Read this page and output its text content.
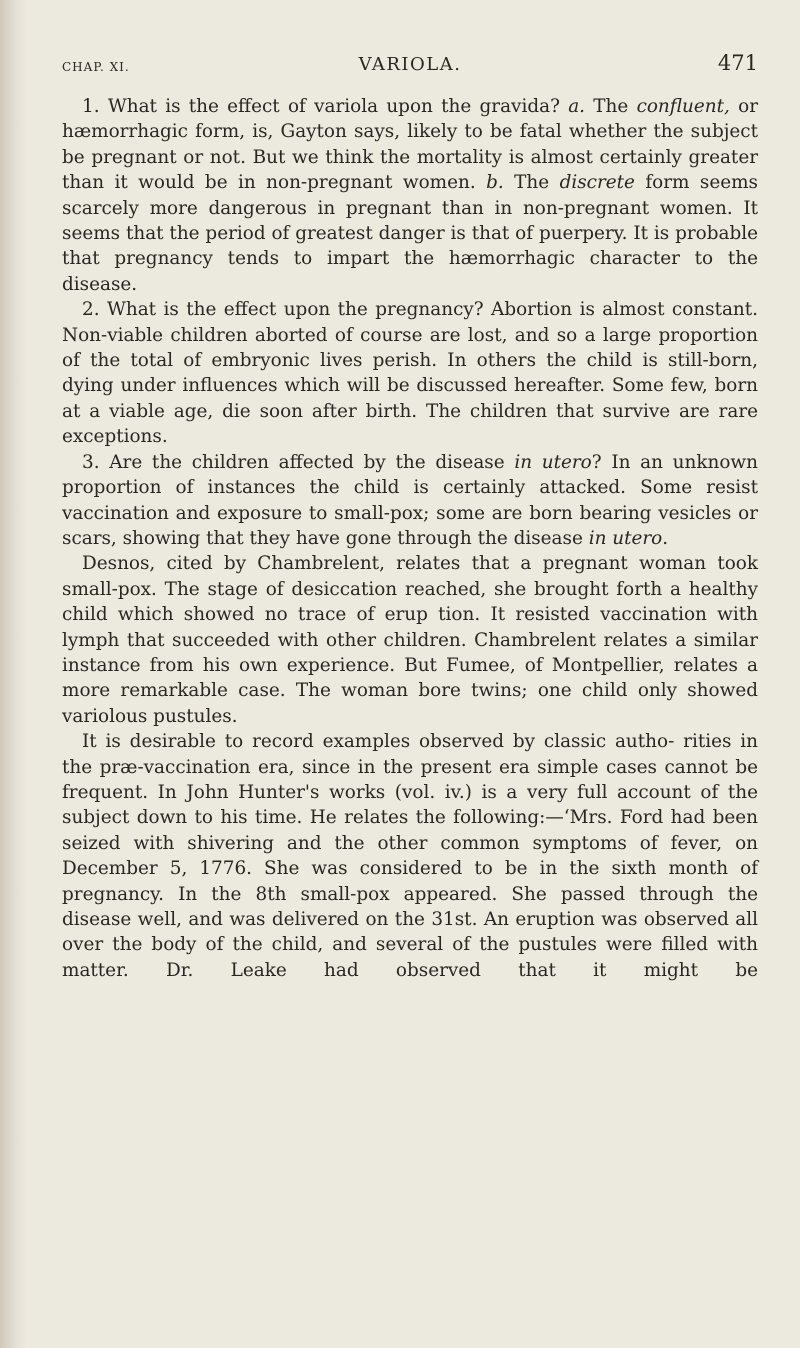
CHAP. XI.	VARIOLA.	471

1. What is the effect of variola upon the gravida? a. The confluent, or hæmorrhagic form, is, Gayton says, likely to be fatal whether the subject be pregnant or not. But we think the mortality is almost certainly greater than it would be in non-pregnant women. b. The discrete form seems scarcely more dangerous in pregnant than in non-pregnant women. It seems that the period of greatest danger is that of puerpery. It is probable that pregnancy tends to impart the hæmorrhagic character to the disease.

2. What is the effect upon the pregnancy? Abortion is almost constant. Non-viable children aborted of course are lost, and so a large proportion of the total of embryonic lives perish. In others the child is still-born, dying under influences which will be discussed hereafter. Some few, born at a viable age, die soon after birth. The children that survive are rare exceptions.

3. Are the children affected by the disease in utero? In an unknown proportion of instances the child is certainly attacked. Some resist vaccination and exposure to small-pox; some are born bearing vesicles or scars, showing that they have gone through the disease in utero.

Desnos, cited by Chambrelent, relates that a pregnant woman took small-pox. The stage of desiccation reached, she brought forth a healthy child which showed no trace of erup tion. It resisted vaccination with lymph that succeeded with other children. Chambrelent relates a similar instance from his own experience. But Fumee, of Montpellier, relates a more remarkable case. The woman bore twins; one child only showed variolous pustules.

It is desirable to record examples observed by classic autho- rities in the præ-vaccination era, since in the present era simple cases cannot be frequent. In John Hunter's works (vol. iv.) is a very full account of the subject down to his time. He relates the following:—‘Mrs. Ford had been seized with shivering and the other common symptoms of fever, on December 5, 1776. She was considered to be in the sixth month of pregnancy. In the 8th small-pox appeared. She passed through the disease well, and was delivered on the 31st. An eruption was observed all over the body of the child, and several of the pustules were filled with matter. Dr. Leake had observed that it might be
